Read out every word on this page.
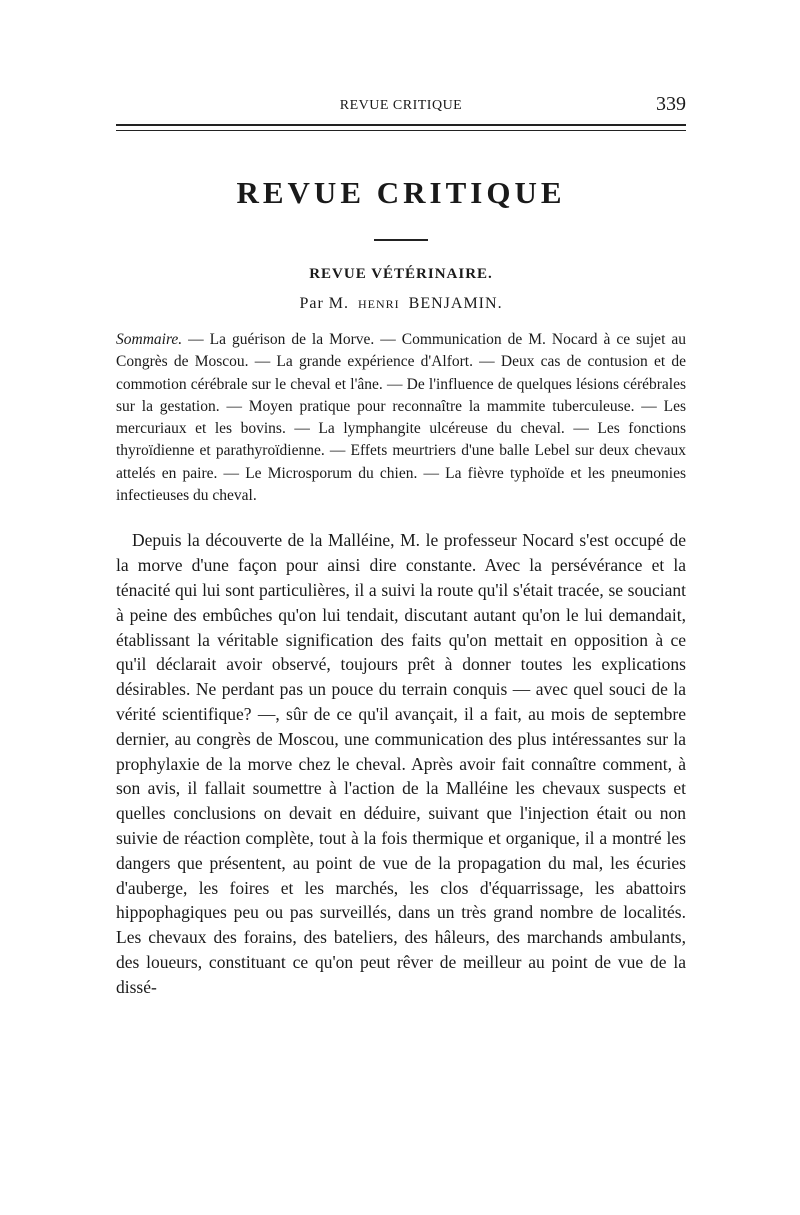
REVUE CRITIQUE	339
REVUE CRITIQUE
REVUE VÉTÉRINAIRE.
Par M. HENRI BENJAMIN.
Sommaire. — La guérison de la Morve. — Communication de M. Nocard à ce sujet au Congrès de Moscou. — La grande expérience d'Alfort. — Deux cas de contusion et de commotion cérébrale sur le cheval et l'âne. — De l'influence de quelques lésions cérébrales sur la gestation. — Moyen pratique pour reconnaître la mammite tuberculeuse. — Les mercuriaux et les bovins. — La lymphangite ulcéreuse du cheval. — Les fonctions thyroïdienne et parathyroïdienne. — Effets meurtriers d'une balle Lebel sur deux chevaux attelés en paire. — Le Microsporum du chien. — La fièvre typhoïde et les pneumonies infectieuses du cheval.
Depuis la découverte de la Malléine, M. le professeur Nocard s'est occupé de la morve d'une façon pour ainsi dire constante. Avec la persévérance et la ténacité qui lui sont particulières, il a suivi la route qu'il s'était tracée, se souciant à peine des embûches qu'on lui tendait, discutant autant qu'on le lui demandait, établissant la véritable signification des faits qu'on mettait en opposition à ce qu'il déclarait avoir observé, toujours prêt à donner toutes les explications désirables. Ne perdant pas un pouce du terrain conquis — avec quel souci de la vérité scientifique? —, sûr de ce qu'il avançait, il a fait, au mois de septembre dernier, au congrès de Moscou, une communication des plus intéressantes sur la prophylaxie de la morve chez le cheval. Après avoir fait connaître comment, à son avis, il fallait soumettre à l'action de la Malléine les chevaux suspects et quelles conclusions on devait en déduire, suivant que l'injection était ou non suivie de réaction complète, tout à la fois thermique et organique, il a montré les dangers que présentent, au point de vue de la propagation du mal, les écuries d'auberge, les foires et les marchés, les clos d'équarrissage, les abattoirs hippophagiques peu ou pas surveillés, dans un très grand nombre de localités. Les chevaux des forains, des bateliers, des hâleurs, des marchands ambulants, des loueurs, constituant ce qu'on peut rêver de meilleur au point de vue de la dissé-
